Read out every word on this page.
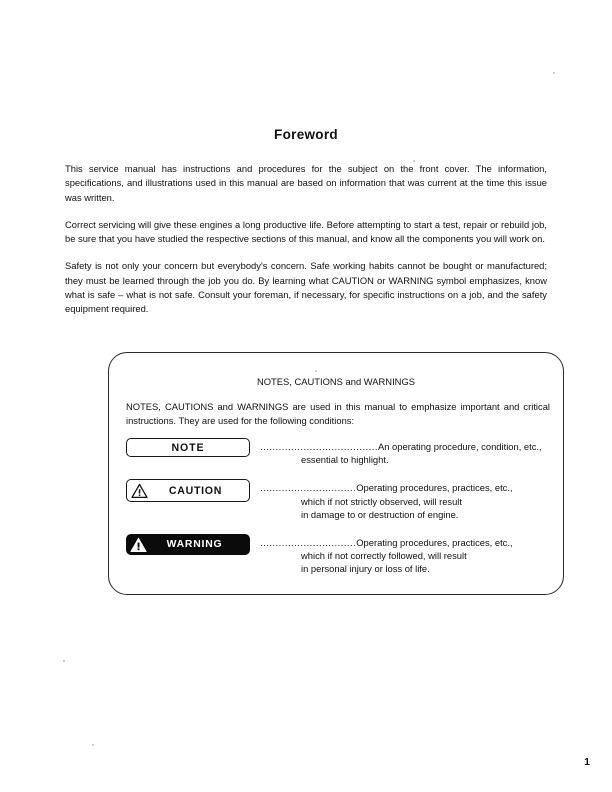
Foreword

This service manual has instructions and procedures for the subject on the front cover. The information, specifications, and illustrations used in this manual are based on information that was current at the time this issue was written.

Correct servicing will give these engines a long productive life. Before attempting to start a test, repair or rebuild job, be sure that you have studied the respective sections of this manual, and know all the components you will work on.

Safety is not only your concern but everybody's concern. Safe working habits cannot be bought or manufactured; they must be learned through the job you do. By learning what CAUTION or WARNING symbol emphasizes, know what is safe – what is not safe. Consult your foreman, if necessary, for specific instructions on a job, and the safety equipment required.

NOTES, CAUTIONS and WARNINGS
NOTES, CAUTIONS and WARNINGS are used in this manual to emphasize important and critical instructions. They are used for the following conditions:
NOTE	......................................An operating procedure, condition, etc.,
essential to highlight.
CAUTION	...............................Operating procedures, practices, etc.,
which if not strictly observed, will result
in damage to or destruction of engine.
WARNING	...............................Operating procedures, practices, etc.,
which if not correctly followed, will result
in personal injury or loss of life.
1
